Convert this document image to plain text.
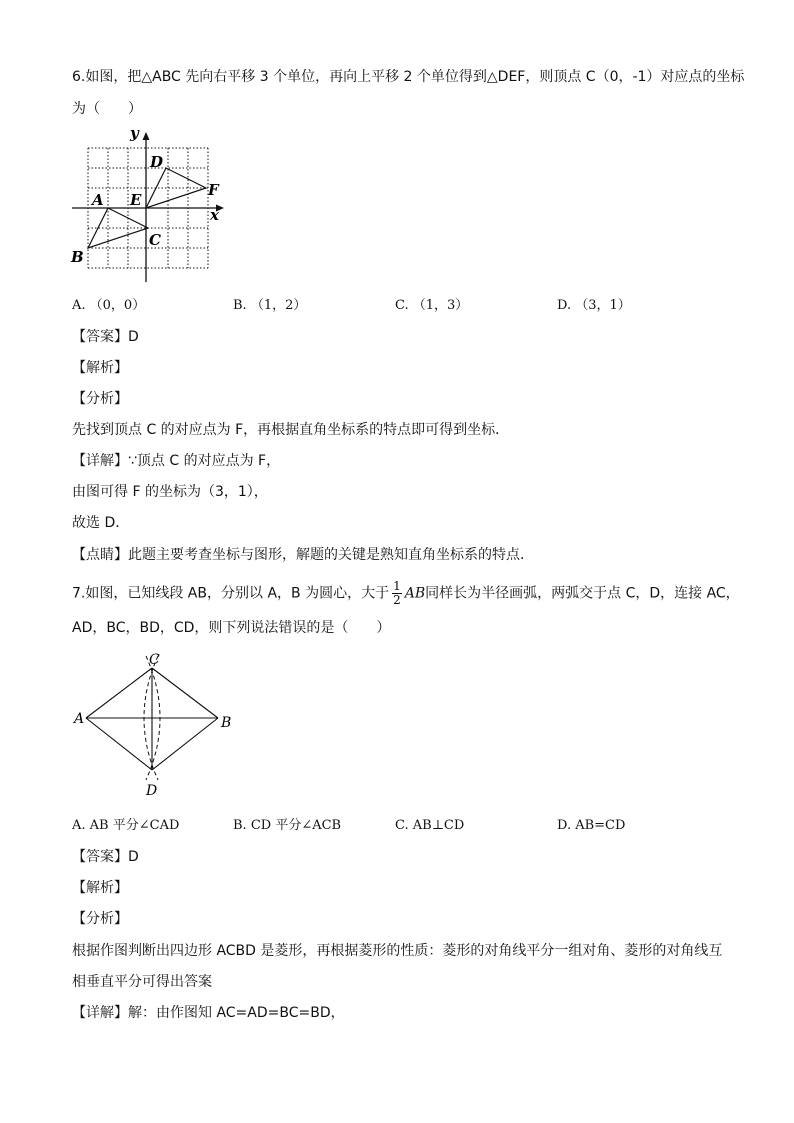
6.如图，把△ABC 先向右平移 3 个单位，再向上平移 2 个单位得到△DEF，则顶点 C（0，-1）对应点的坐标
为（　　）
y
x
A
B
C
D
E
F
A. （0，0）	B. （1，2）	C. （1，3）	D. （3，1）
【答案】D
【解析】
【分析】
先找到顶点 C 的对应点为 F，再根据直角坐标系的特点即可得到坐标．
【详解】∵顶点 C 的对应点为 F，
由图可得 F 的坐标为（3，1），
故选 D．
【点睛】此题主要考查坐标与图形，解题的关键是熟知直角坐标系的特点．
7.如图，已知线段 AB，分别以 A，B 为圆心，大于 $\frac{1}{2}$ AB同样长为半径画弧，两弧交于点 C，D，连接 AC，
AD，BC，BD，CD，则下列说法错误的是（　　）
A	B
C
D
A. AB 平分∠CAD	B. CD 平分∠ACB	C. AB⊥CD	D. AB=CD
【答案】D
【解析】
【分析】
根据作图判断出四边形 ACBD 是菱形，再根据菱形的性质：菱形的对角线平分一组对角、菱形的对角线互
相垂直平分可得出答案
【详解】解：由作图知 AC=AD=BC=BD，
